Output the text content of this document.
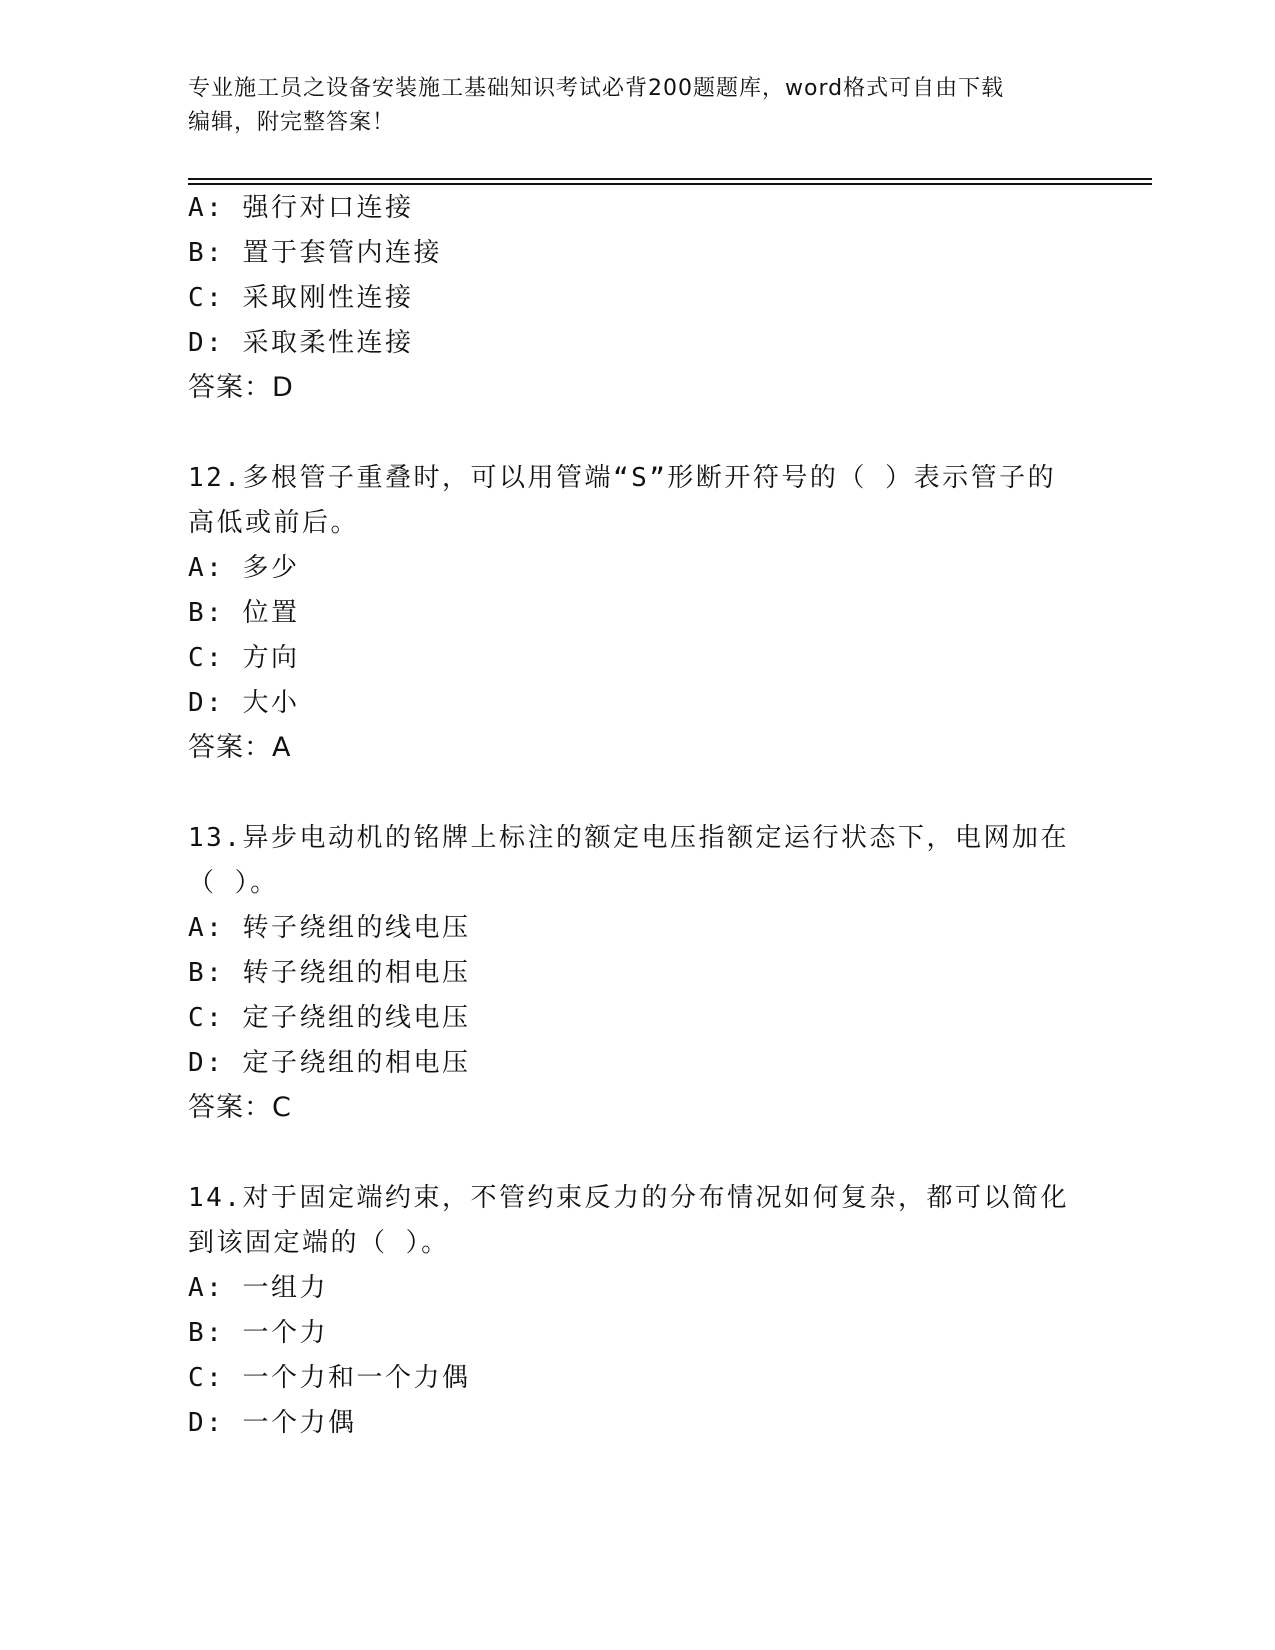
专业施工员之设备安装施工基础知识考试必背200题题库，word格式可自由下载
编辑，附完整答案！
A: 强行对口连接
B: 置于套管内连接
C: 采取刚性连接
D: 采取柔性连接
答案：D
12.多根管子重叠时，可以用管端“S”形断开符号的（ ）表示管子的
高低或前后。
A: 多少
B: 位置
C: 方向
D: 大小
答案：A
13.异步电动机的铭牌上标注的额定电压指额定运行状态下，电网加在
（ ）。
A: 转子绕组的线电压
B: 转子绕组的相电压
C: 定子绕组的线电压
D: 定子绕组的相电压
答案：C
14.对于固定端约束，不管约束反力的分布情况如何复杂，都可以简化
到该固定端的（ ）。
A: 一组力
B: 一个力
C: 一个力和一个力偶
D: 一个力偶
